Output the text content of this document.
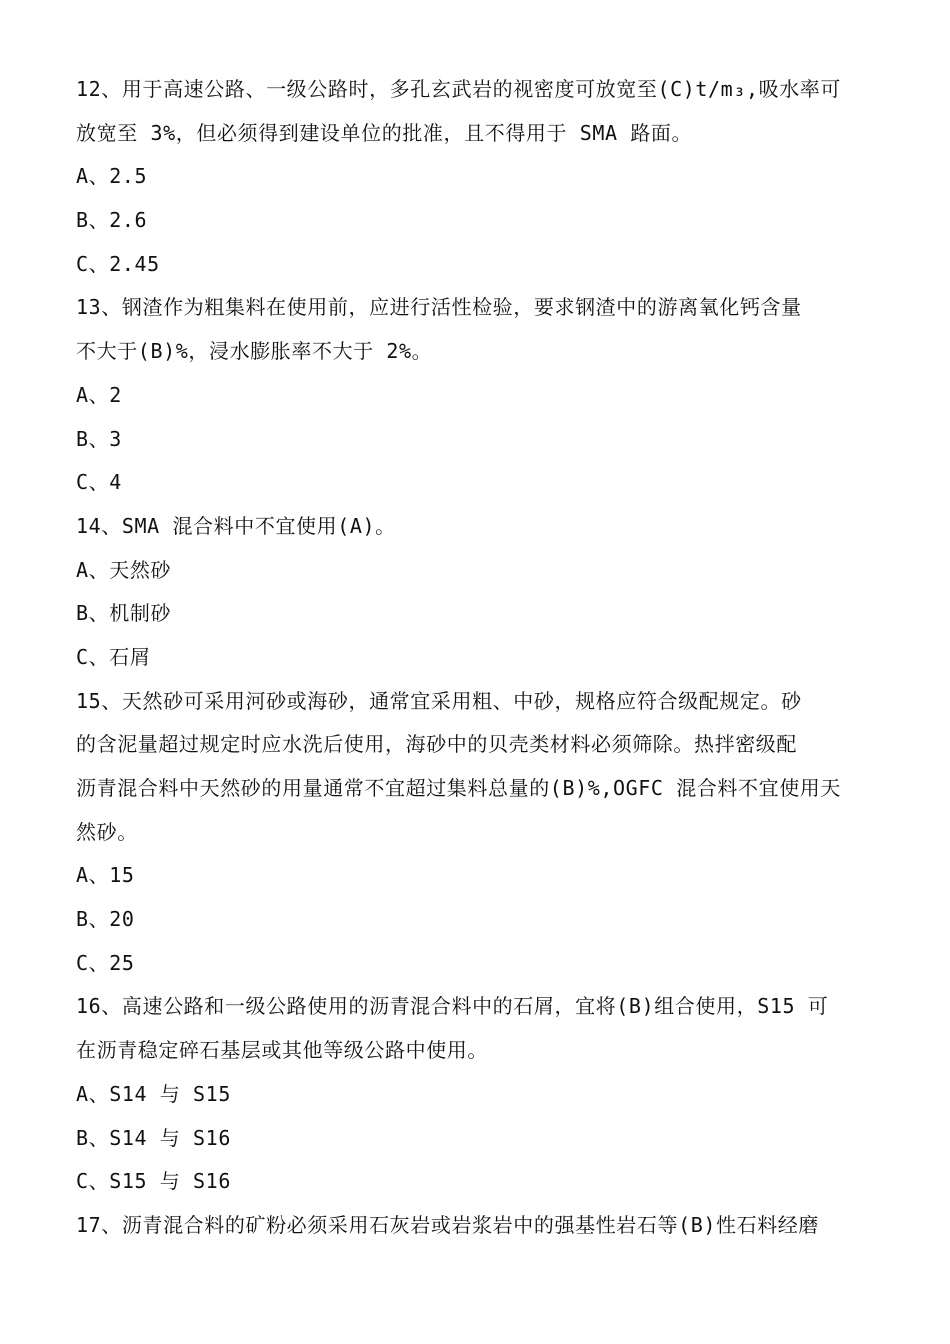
12、用于高速公路、一级公路时，多孔玄武岩的视密度可放宽至(C)t/m₃,吸水率可
放宽至 3%，但必须得到建设单位的批准，且不得用于 SMA 路面。
A、2.5
B、2.6
C、2.45
13、钢渣作为粗集料在使用前，应进行活性检验，要求钢渣中的游离氧化钙含量
不大于(B)%，浸水膨胀率不大于 2%。
A、2
B、3
C、4
14、SMA 混合料中不宜使用(A)。
A、天然砂
B、机制砂
C、石屑
15、天然砂可采用河砂或海砂，通常宜采用粗、中砂，规格应符合级配规定。砂
的含泥量超过规定时应水洗后使用，海砂中的贝壳类材料必须筛除。热拌密级配
沥青混合料中天然砂的用量通常不宜超过集料总量的(B)%,OGFC 混合料不宜使用天
然砂。
A、15
B、20
C、25
16、高速公路和一级公路使用的沥青混合料中的石屑，宜将(B)组合使用，S15 可
在沥青稳定碎石基层或其他等级公路中使用。
A、S14 与 S15
B、S14 与 S16
C、S15 与 S16
17、沥青混合料的矿粉必须采用石灰岩或岩浆岩中的强基性岩石等(B)性石料经磨
